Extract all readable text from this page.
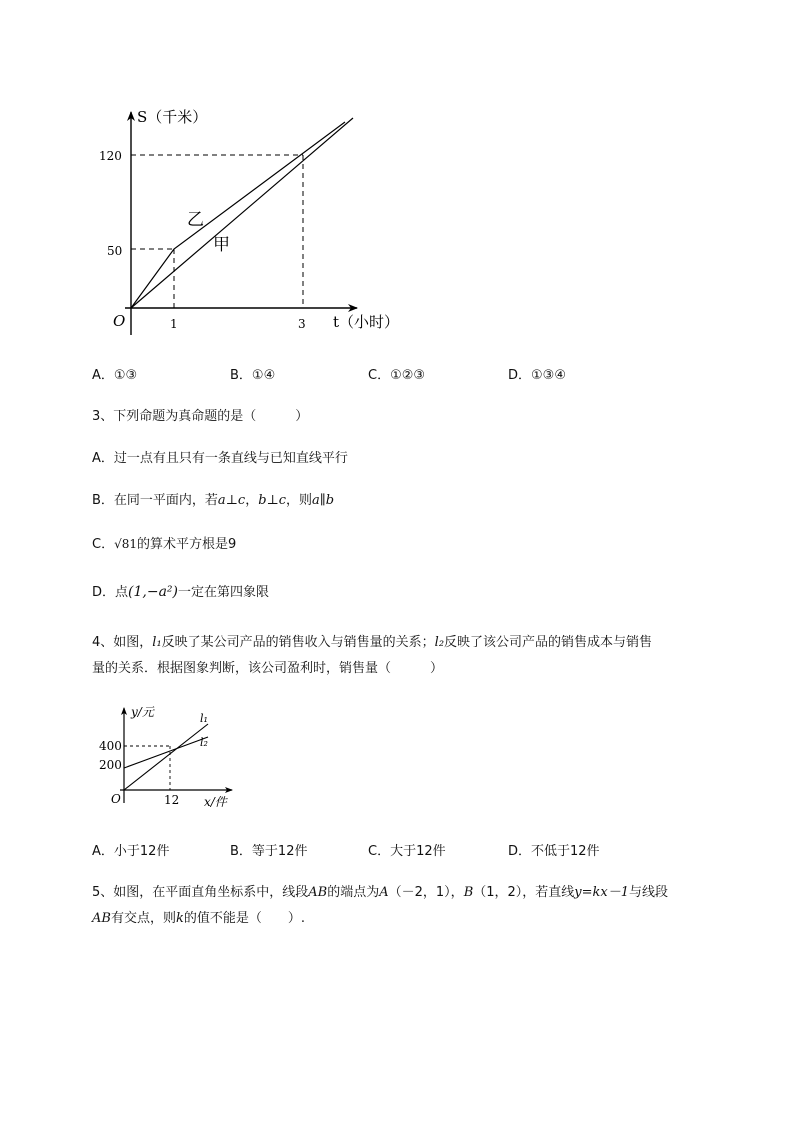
S（千米）
120
50
O	1	3 t（小时）
乙
甲
A．①③	B．①④	C．①②③	D．①③④
3、下列命题为真命题的是（　　　）
A．过一点有且只有一条直线与已知直线平行
B．在同一平面内，若a⊥c，b⊥c，则a∥b
C．√81的算术平方根是9
D．点(1,−a²)一定在第四象限
4、如图，l₁反映了某公司产品的销售收入与销售量的关系；l₂反映了该公司产品的销售成本与销售
量的关系．根据图象判断，该公司盈利时，销售量（　　　）
y/元	l₁
l₂
400
200
O	12 x/件
A．小于12件	B．等于12件	C．大于12件	D．不低于12件
5、如图，在平面直角坐标系中，线段AB的端点为A（－2，1），B（1，2），若直线y=kx－1与线段
AB有交点，则k的值不能是（　　）.
